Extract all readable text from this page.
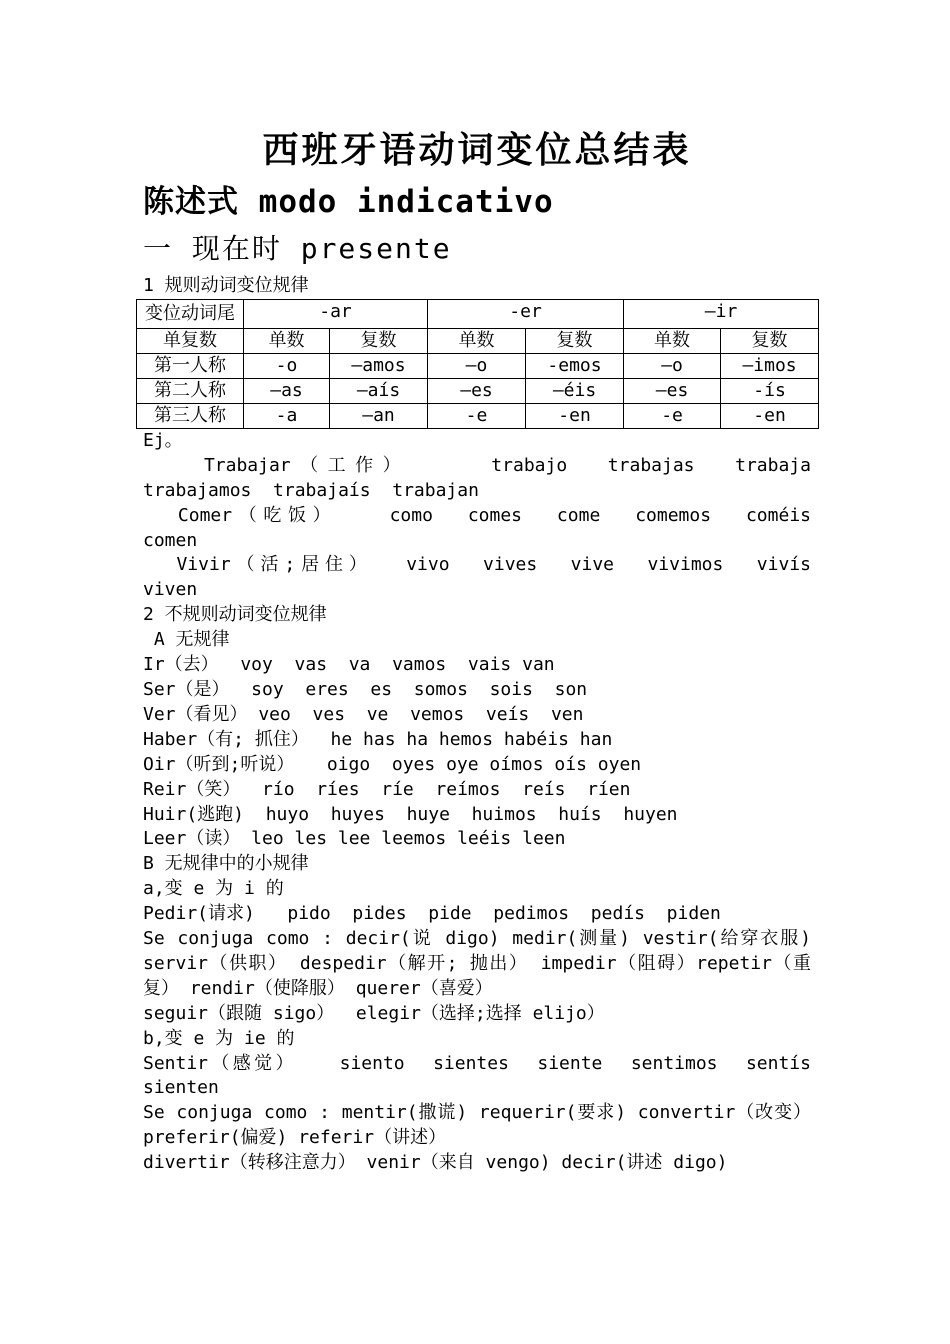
西班牙语动词变位总结表
陈述式 modo indicativo
一 现在时 presente
1 规则动词变位规律
变位动词尾	-ar		-er		—ir	
单复数	单数	复数	单数	复数	单数	复数
第一人称	-o	—amos	—o	-emos	—o	—imos
第二人称	—as	—aís	—es	—éis	—es	-ís
第三人称	-a	—an	-e	-en	-e	-en
Ej。
Trabajar（工作）    trabajo  trabajas  trabaja
trabajamos  trabajaís  trabajan
Comer（吃饭）   como  comes  come  comemos  coméis
comen
Vivir（活;居住）  vivo  vives  vive  vivimos  vivís
viven
2 不规则动词变位规律
A 无规律
Ir（去）  voy  vas  va  vamos  vais van
Ser（是）  soy  eres  es  somos  sois  son
Ver（看见） veo  ves  ve  vemos  veís  ven
Haber（有; 抓住）  he has ha hemos habéis han
Oir（听到;听说）   oigo  oyes oye oímos oís oyen
Reir（笑）  río  ríes  ríe  reímos  reís  ríen
Huir(逃跑)  huyo  huyes  huye  huimos  huís  huyen
Leer（读） leo les lee leemos leéis leen
B 无规律中的小规律
a,变 e 为 i 的
Pedir(请求)   pido  pides  pide  pedimos  pedís  piden
Se conjuga como : decir(说 digo) medir(测量) vestir(给穿衣服) servir（供职） despedir（解开; 抛出） impedir（阻碍）repetir（重复） rendir（使降服） querer（喜爱）
seguir（跟随 sigo）  elegir（选择;选择 elijo）
b,变 e 为 ie 的
Sentir（感觉）   siento  sientes  siente  sentimos  sentís
sienten
Se conjuga como : mentir(撒谎) requerir(要求) convertir（改变） preferir(偏爱) referir（讲述）
divertir（转移注意力） venir（来自 vengo) decir(讲述 digo)
